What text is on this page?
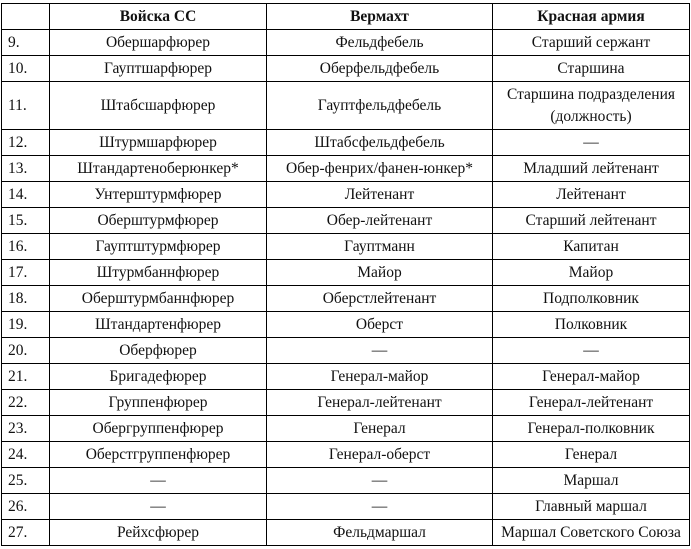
	Войска СС	Вермахт	Красная армия
9.	Обершарфюрер	Фельдфебель	Старший сержант
10.	Гауптшарфюрер	Оберфельдфебель	Старшина
11.	Штабсшарфюрер	Гауптфельдфебель	Старшина подразделения (должность)
12.	Штурмшарфюрер	Штабсфельдфебель	—
13.	Штандартеноберюнкер*	Обер-фенрих/фанен-юнкер*	Младший лейтенант
14.	Унтерштурмфюрер	Лейтенант	Лейтенант
15.	Оберштурмфюрер	Обер-лейтенант	Старший лейтенант
16.	Гауптштурмфюрер	Гауптманн	Капитан
17.	Штурмбаннфюрер	Майор	Майор
18.	Оберштурмбаннфюрер	Оберстлейтенант	Подполковник
19.	Штандартенфюрер	Оберст	Полковник
20.	Оберфюрер	—	—
21.	Бригадефюрер	Генерал-майор	Генерал-майор
22.	Группенфюрер	Генерал-лейтенант	Генерал-лейтенант
23.	Обергруппенфюрер	Генерал	Генерал-полковник
24.	Оберстгруппенфюрер	Генерал-оберст	Генерал
25.	—	—	Маршал
26.	—	—	Главный маршал
27.	Рейхсфюрер	Фельдмаршал	Маршал Советского Союза
